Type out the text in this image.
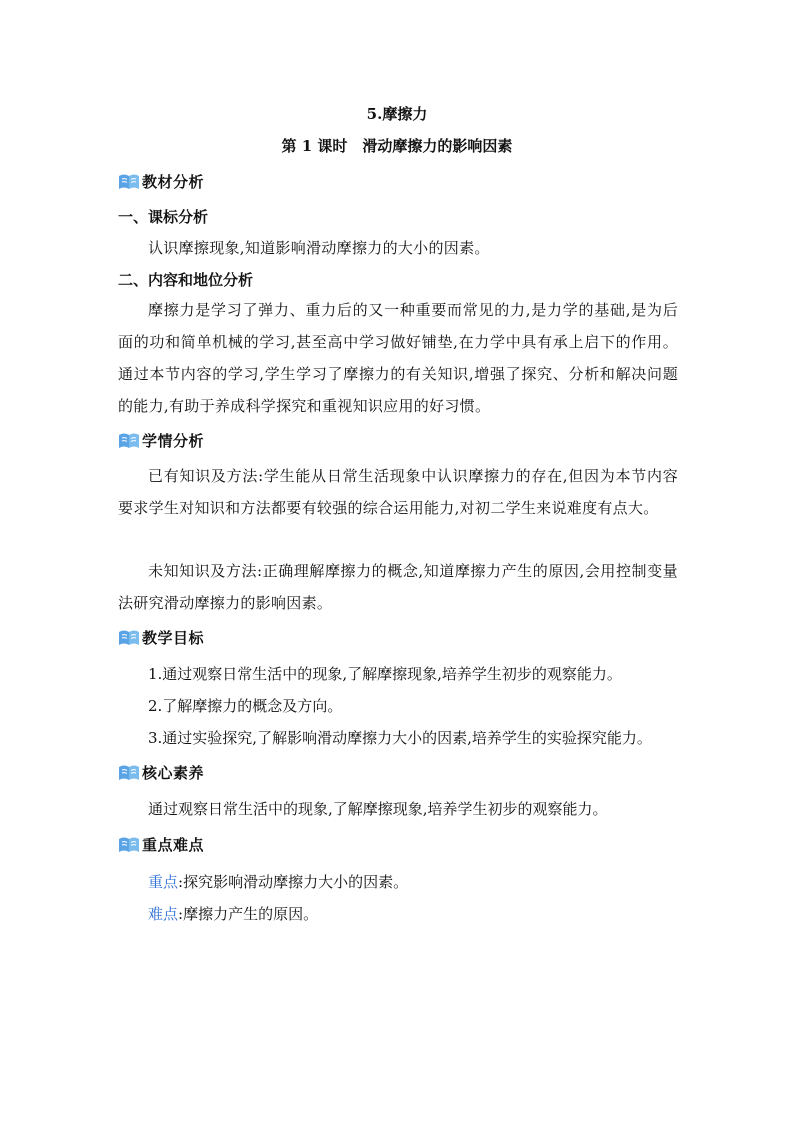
5.摩擦力
第 1 课时　滑动摩擦力的影响因素
教材分析
一、课标分析
认识摩擦现象,知道影响滑动摩擦力的大小的因素。
二、内容和地位分析
摩擦力是学习了弹力、重力后的又一种重要而常见的力,是力学的基础,是为后面的功和简单机械的学习,甚至高中学习做好铺垫,在力学中具有承上启下的作用。通过本节内容的学习,学生学习了摩擦力的有关知识,增强了探究、分析和解决问题的能力,有助于养成科学探究和重视知识应用的好习惯。
学情分析
已有知识及方法:学生能从日常生活现象中认识摩擦力的存在,但因为本节内容要求学生对知识和方法都要有较强的综合运用能力,对初二学生来说难度有点大。
未知知识及方法:正确理解摩擦力的概念,知道摩擦力产生的原因,会用控制变量法研究滑动摩擦力的影响因素。
教学目标
1.通过观察日常生活中的现象,了解摩擦现象,培养学生初步的观察能力。
2.了解摩擦力的概念及方向。
3.通过实验探究,了解影响滑动摩擦力大小的因素,培养学生的实验探究能力。
核心素养
通过观察日常生活中的现象,了解摩擦现象,培养学生初步的观察能力。
重点难点
重点:探究影响滑动摩擦力大小的因素。
难点:摩擦力产生的原因。
